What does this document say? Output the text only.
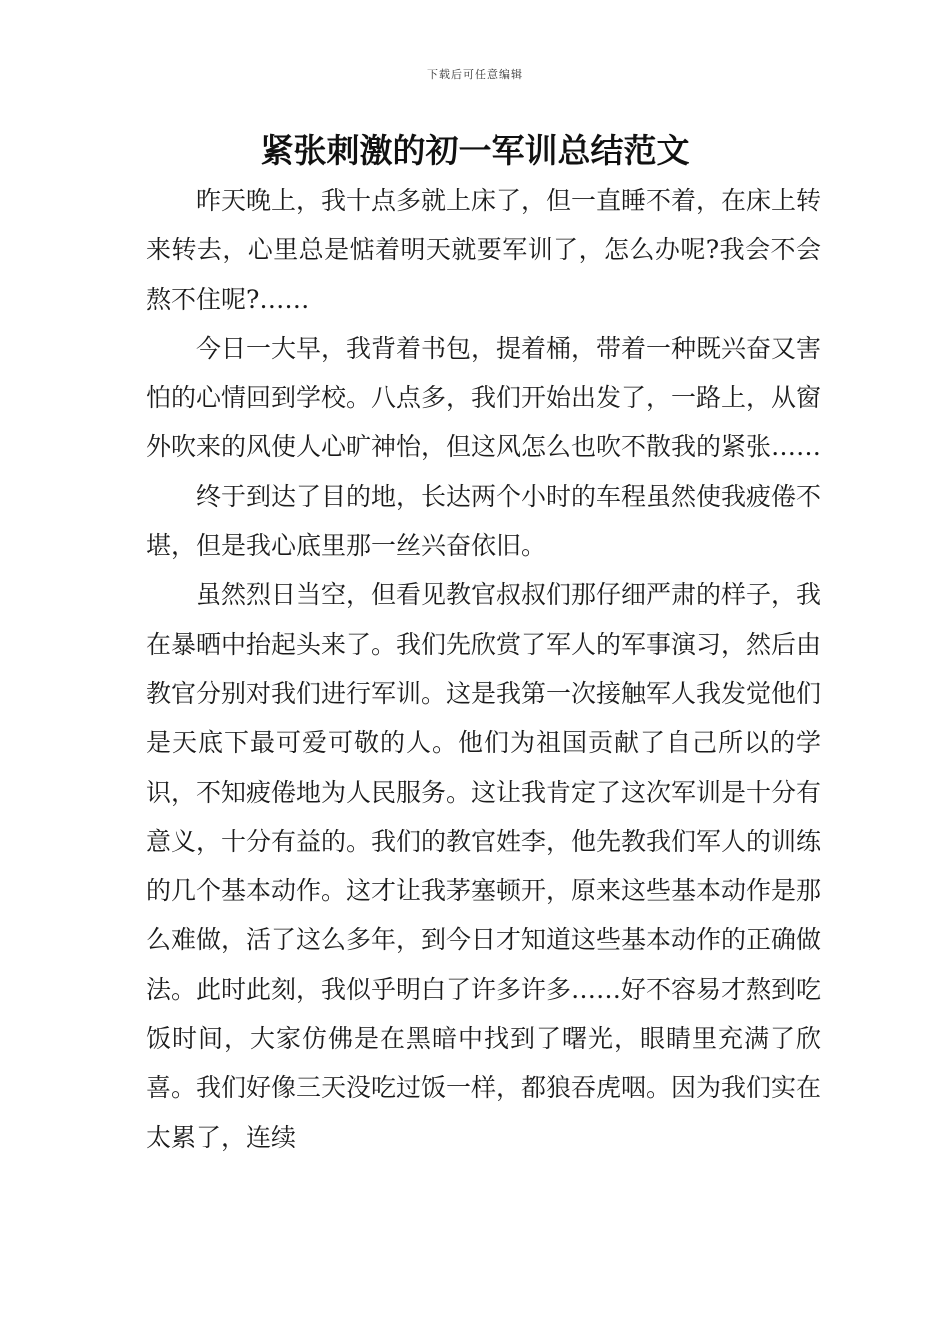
下载后可任意编辑
紧张刺激的初一军训总结范文

昨天晚上，我十点多就上床了，但一直睡不着，在床上转来转去，心里总是惦着明天就要军训了，怎么办呢?我会不会熬不住呢?……

今日一大早，我背着书包，提着桶，带着一种既兴奋又害怕的心情回到学校。八点多，我们开始出发了，一路上，从窗外吹来的风使人心旷神怡，但这风怎么也吹不散我的紧张……

终于到达了目的地，长达两个小时的车程虽然使我疲倦不堪，但是我心底里那一丝兴奋依旧。

虽然烈日当空，但看见教官叔叔们那仔细严肃的样子，我在暴晒中抬起头来了。我们先欣赏了军人的军事演习，然后由教官分别对我们进行军训。这是我第一次接触军人我发觉他们是天底下最可爱可敬的人。他们为祖国贡献了自己所以的学识，不知疲倦地为人民服务。这让我肯定了这次军训是十分有意义，十分有益的。我们的教官姓李，他先教我们军人的训练的几个基本动作。这才让我茅塞顿开，原来这些基本动作是那么难做，活了这么多年，到今日才知道这些基本动作的正确做法。此时此刻，我似乎明白了许多许多……好不容易才熬到吃饭时间，大家仿佛是在黑暗中找到了曙光，眼睛里充满了欣喜。我们好像三天没吃过饭一样，都狼吞虎咽。因为我们实在太累了，连续
